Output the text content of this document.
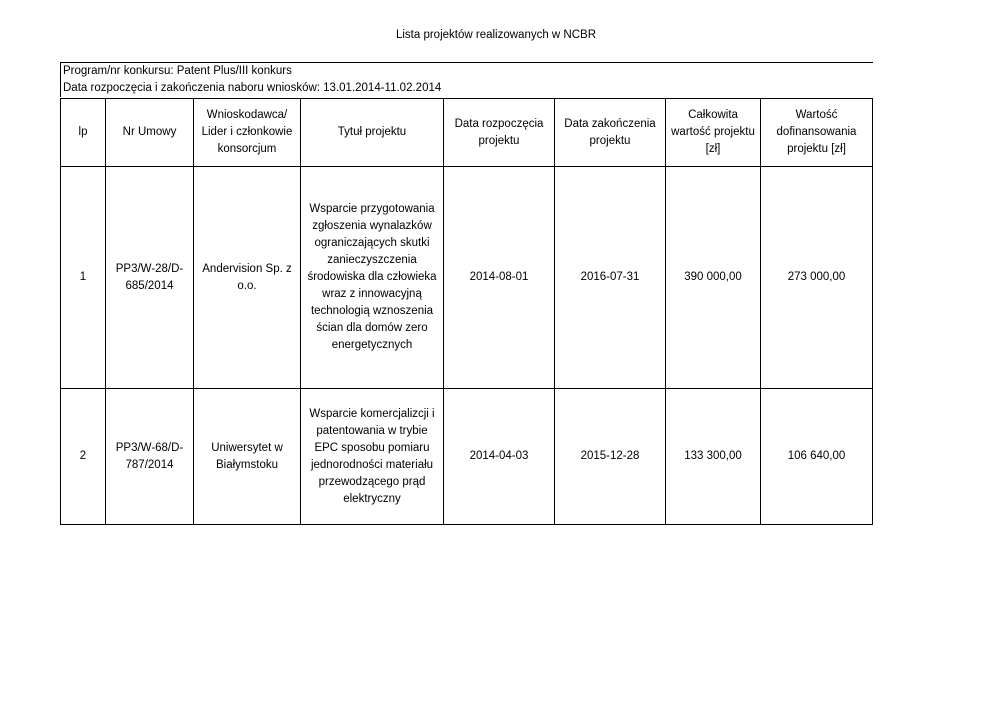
Lista projektów realizowanych w NCBR
Program/nr konkursu: Patent Plus/III konkurs
Data rozpoczęcia i zakończenia naboru wniosków: 13.01.2014-11.02.2014
lp	Nr Umowy	Wnioskodawca/ Lider i członkowie konsorcjum	Tytuł projektu	Data rozpoczęcia projektu	Data zakończenia projektu	Całkowita wartość projektu [zł]	Wartość dofinansowania projektu [zł]
1	PP3/W-28/D-685/2014	Andervision Sp. z o.o.	Wsparcie przygotowania zgłoszenia wynalazków ograniczających skutki zanieczyszczenia środowiska dla człowieka wraz z innowacyjną technologią wznoszenia ścian dla domów zero energetycznych	2014-08-01	2016-07-31	390 000,00	273 000,00
2	PP3/W-68/D-787/2014	Uniwersytet w Białymstoku	Wsparcie komercjalizcji i patentowania w trybie EPC sposobu pomiaru jednorodności materiału przewodzącego prąd elektryczny	2014-04-03	2015-12-28	133 300,00	106 640,00
